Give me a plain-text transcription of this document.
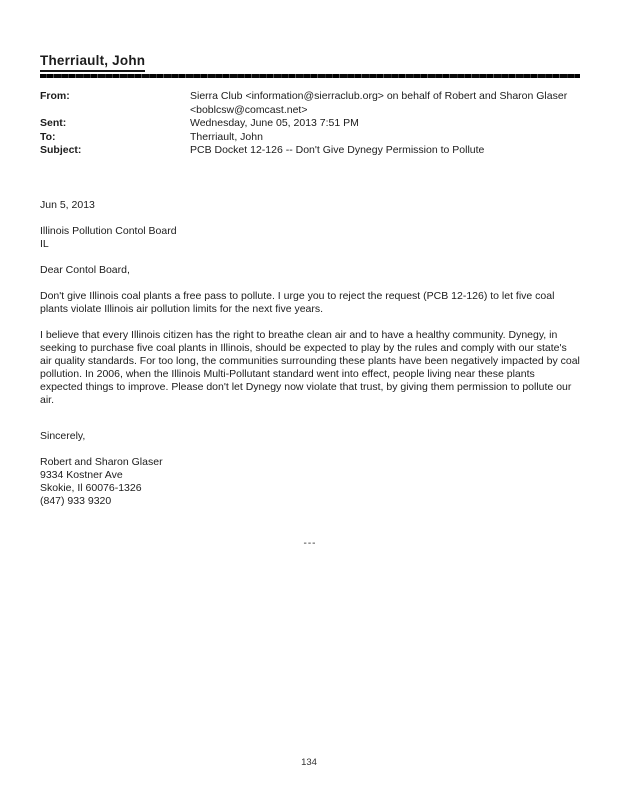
Therriault, John
From:	Sierra Club <information@sierraclub.org> on behalf of Robert and Sharon Glaser <boblcsw@comcast.net>
Sent:	Wednesday, June 05, 2013 7:51 PM
To:	Therriault, John
Subject:	PCB Docket 12-126 -- Don't Give Dynegy Permission to Pollute
Jun 5, 2013
Illinois Pollution Contol Board
IL
Dear Contol Board,
Don't give Illinois coal plants a free pass to pollute. I urge you to reject the request (PCB 12-126) to let five coal plants violate Illinois air pollution limits for the next five years.
I believe that every Illinois citizen has the right to breathe clean air and to have a healthy community. Dynegy, in seeking to purchase five coal plants in Illinois, should be expected to play by the rules and comply with our state's air quality standards. For too long, the communities surrounding these plants have been negatively impacted by coal pollution. In 2006, when the Illinois Multi-Pollutant standard went into effect, people living near these plants expected things to improve. Please don't let Dynegy now violate that trust, by giving them permission to pollute our air.
Sincerely,
Robert and Sharon Glaser
9334 Kostner Ave
Skokie, Il 60076-1326
(847) 933 9320
---
134
